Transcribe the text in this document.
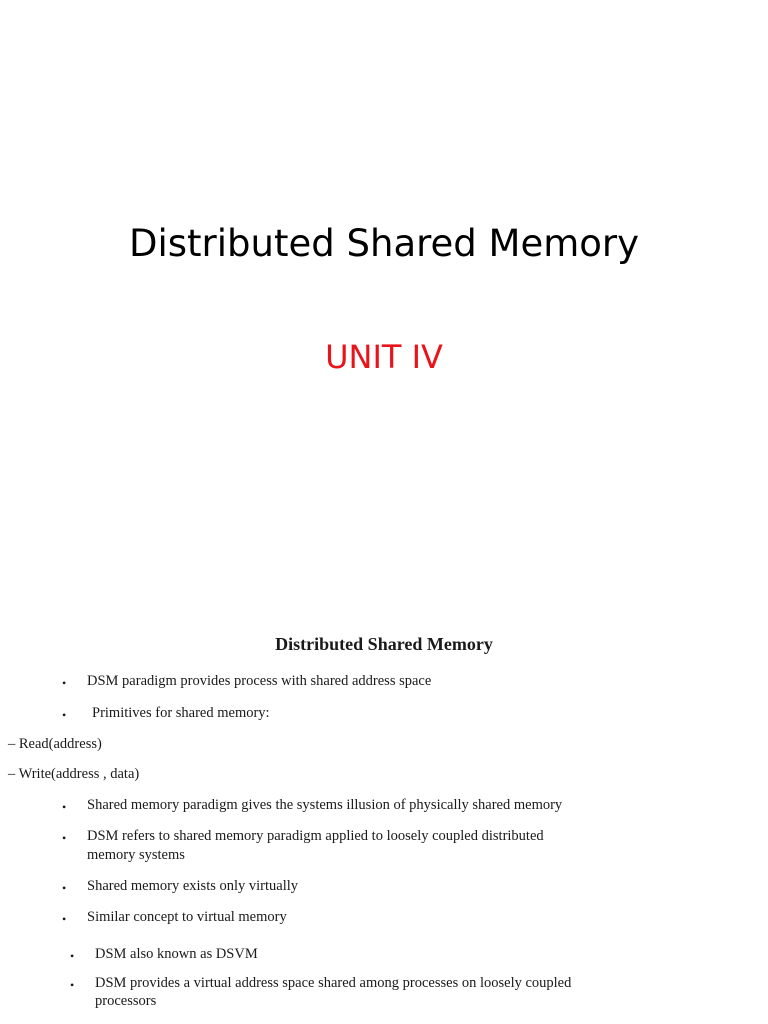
Distributed Shared Memory
UNIT IV
Distributed Shared Memory
• DSM paradigm provides process with shared address space
• Primitives for shared memory:
– Read(address)
– Write(address , data)
• Shared memory paradigm gives the systems illusion of physically shared memory
• DSM refers to shared memory paradigm applied to loosely coupled distributed
memory systems
• Shared memory exists only virtually
• Similar concept to virtual memory
• DSM also known as DSVM
• DSM provides a virtual address space shared among processes on loosely coupled
processors
